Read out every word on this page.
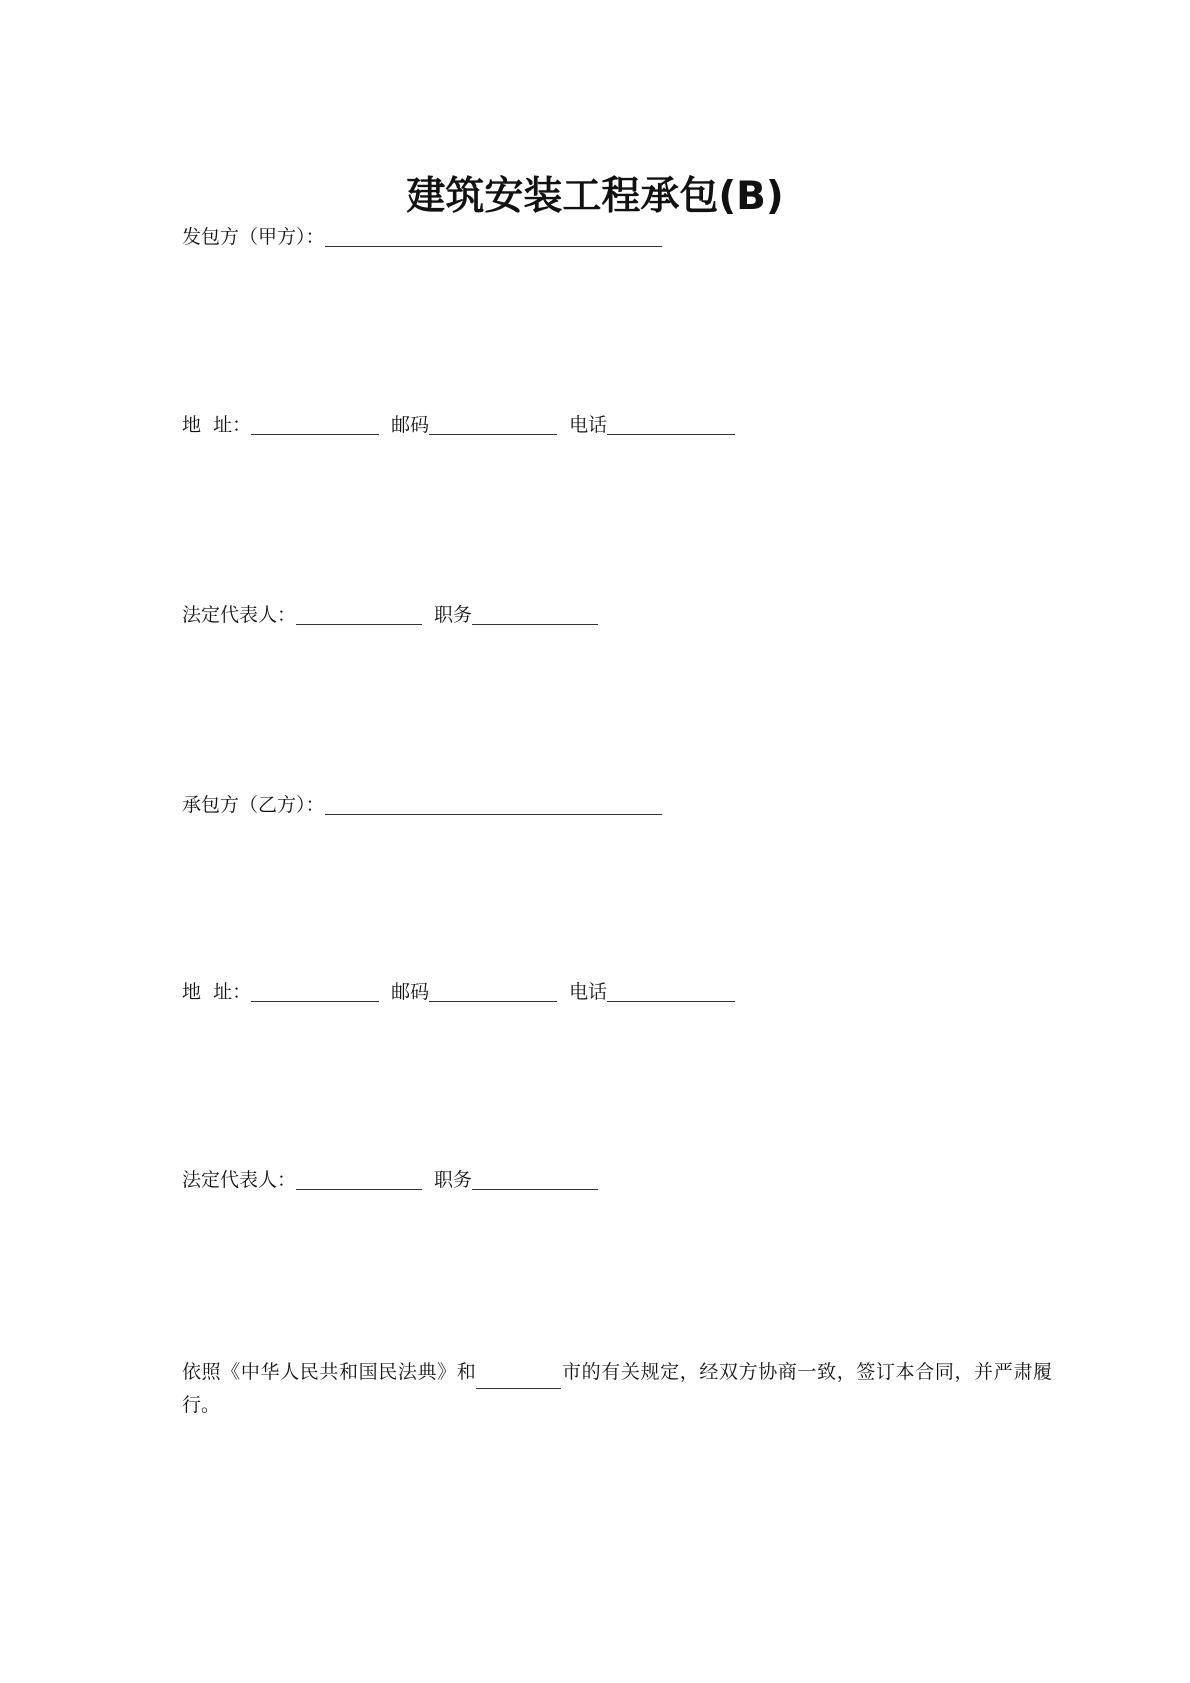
建筑安装工程承包(B)
发包方（甲方）：
地  址：	邮码	电话
法定代表人：	职务
承包方（乙方）：
地  址：	邮码	电话
法定代表人：	职务
依照《中华人民共和国民法典》和	市的有关规定，经双方协商一致，签订本合同，并严肃履行。
